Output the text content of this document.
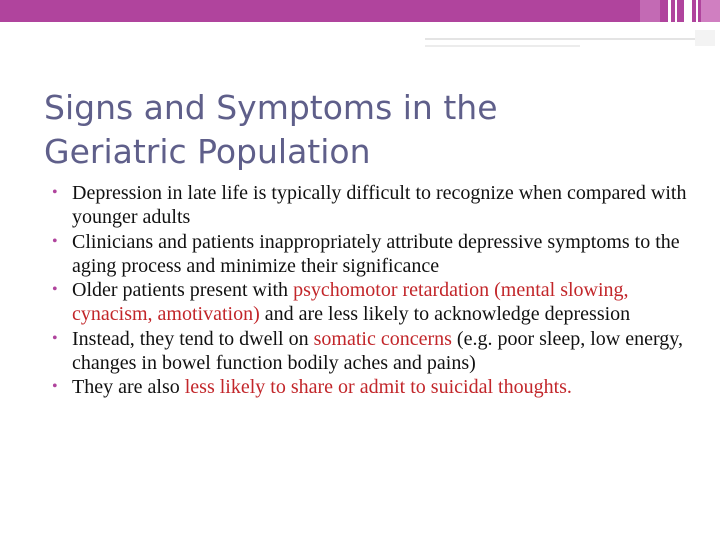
Signs and Symptoms in the
Geriatric Population
• Depression in late life is typically difficult to recognize when compared with younger adults
• Clinicians and patients inappropriately attribute depressive symptoms to the aging process and minimize their significance
• Older patients present with psychomotor retardation (mental slowing, cynacism, amotivation) and are less likely to acknowledge depression
• Instead, they tend to dwell on somatic concerns (e.g. poor sleep, low energy, changes in bowel function bodily aches and pains)
• They are also less likely to share or admit to suicidal thoughts.
